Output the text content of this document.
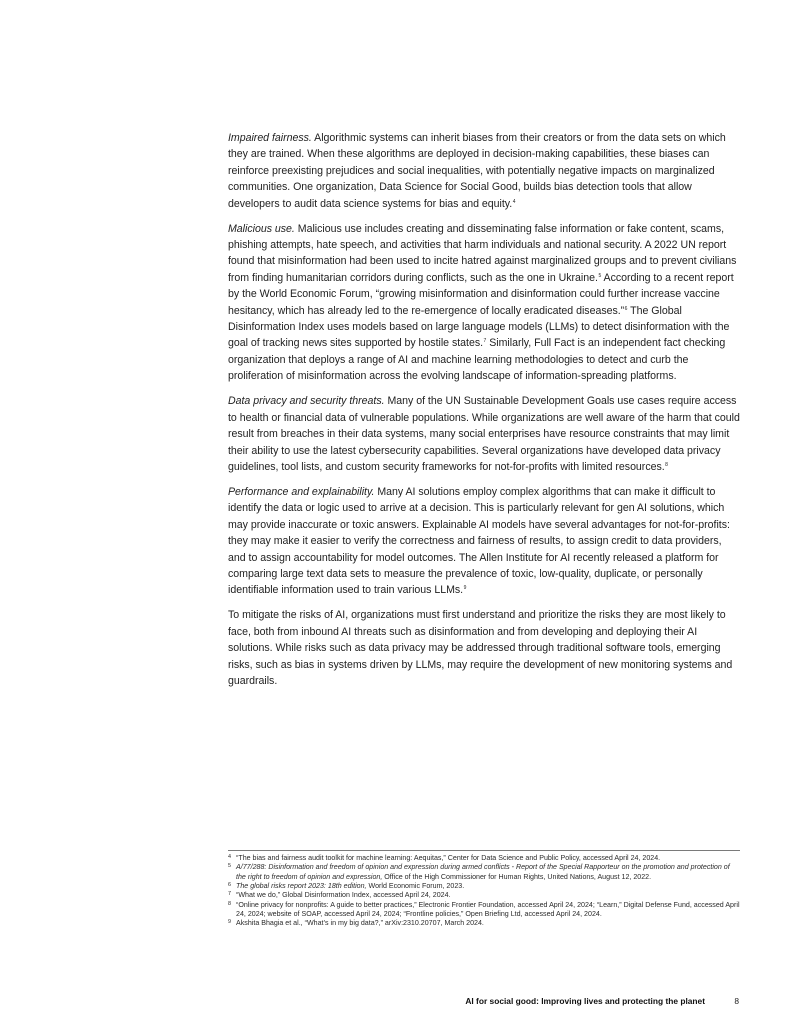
Impaired fairness. Algorithmic systems can inherit biases from their creators or from the data sets on which they are trained. When these algorithms are deployed in decision-making capabilities, these biases can reinforce preexisting prejudices and social inequalities, with potentially negative impacts on marginalized communities. One organization, Data Science for Social Good, builds bias detection tools that allow developers to audit data science systems for bias and equity.$^4$

Malicious use. Malicious use includes creating and disseminating false information or fake content, scams, phishing attempts, hate speech, and activities that harm individuals and national security. A 2022 UN report found that misinformation had been used to incite hatred against marginalized groups and to prevent civilians from finding humanitarian corridors during conflicts, such as the one in Ukraine.$^5$ According to a recent report by the World Economic Forum, “growing misinformation and disinformation could further increase vaccine hesitancy, which has already led to the re-emergence of locally eradicated diseases.”$^6$ The Global Disinformation Index uses models based on large language models (LLMs) to detect disinformation with the goal of tracking news sites supported by hostile states.$^7$ Similarly, Full Fact is an independent fact checking organization that deploys a range of AI and machine learning methodologies to detect and curb the proliferation of misinformation across the evolving landscape of information-spreading platforms.

Data privacy and security threats. Many of the UN Sustainable Development Goals use cases require access to health or financial data of vulnerable populations. While organizations are well aware of the harm that could result from breaches in their data systems, many social enterprises have resource constraints that may limit their ability to use the latest cybersecurity capabilities. Several organizations have developed data privacy guidelines, tool lists, and custom security frameworks for not-for-profits with limited resources.$^8$

Performance and explainability. Many AI solutions employ complex algorithms that can make it difficult to identify the data or logic used to arrive at a decision. This is particularly relevant for gen AI solutions, which may provide inaccurate or toxic answers. Explainable AI models have several advantages for not-for-profits: they may make it easier to verify the correctness and fairness of results, to assign credit to data providers, and to assign accountability for model outcomes. The Allen Institute for AI recently released a platform for comparing large text data sets to measure the prevalence of toxic, low-quality, duplicate, or personally identifiable information used to train various LLMs.$^9$

To mitigate the risks of AI, organizations must first understand and prioritize the risks they are most likely to face, both from inbound AI threats such as disinformation and from developing and deploying their AI solutions. While risks such as data privacy may be addressed through traditional software tools, emerging risks, such as bias in systems driven by LLMs, may require the development of new monitoring systems and guardrails.

4 “The bias and fairness audit toolkit for machine learning: Aequitas,” Center for Data Science and Public Policy, accessed April 24, 2024.
5 A/77/288: Disinformation and freedom of opinion and expression during armed conflicts - Report of the Special Rapporteur on the promotion and protection of the right to freedom of opinion and expression, Office of the High Commissioner for Human Rights, United Nations, August 12, 2022.
6 The global risks report 2023: 18th edition, World Economic Forum, 2023.
7 “What we do,” Global Disinformation Index, accessed April 24, 2024.
8 “Online privacy for nonprofits: A guide to better practices,” Electronic Frontier Foundation, accessed April 24, 2024; “Learn,” Digital Defense Fund, accessed April 24, 2024; website of SOAP, accessed April 24, 2024; “Frontline policies,” Open Briefing Ltd, accessed April 24, 2024.
9 Akshita Bhagia et al., “What’s in my big data?,” arXiv:2310.20707, March 2024.
AI for social good: Improving lives and protecting the planet	8
